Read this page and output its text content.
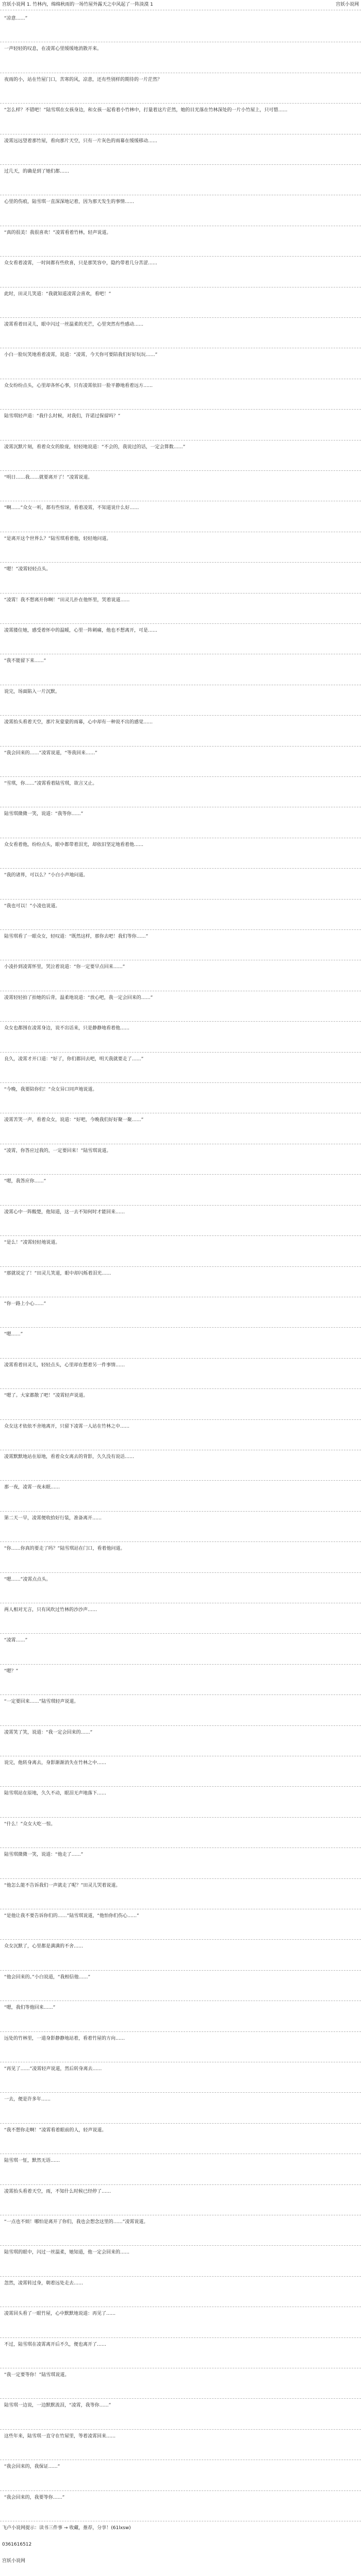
宫妖小说网 1. 竹林内，绵绵秋雨的一场竹屋外露天之中风起了一阵淡漠 1	宫妖小说网
“凉意……”
一声轻轻的叹息，在凌霄心里缓缓地消散开来。
夜雨的小，站在竹屋门口，苦寒的风，凉意，还有些别样的期待的一片茫然？
“怎么样？不错吧！”陆雪琪在女孩身边，和女孩一起看着小竹林中，打量着这片茫然，她的目光落在竹林深处的一片小竹屋上，只可惜……
凌霄远远望着那竹屋，看向那片天空，只有一片灰色的雨幕在缓缓移动……
过几天，的确是到了她们都……
心里的伤痕，陆雪琪一直深深地记着，因为那天发生的事情……
“真的很美！我很喜欢！”凌霄看着竹林，轻声说道。
众女看着凌霄，一时间都有些欣喜，只是那笑容中，隐约带着几分苦涩……
此时，田灵儿笑道：“我就知道凌霄会喜欢，看吧！”
凌霄看着田灵儿，眼中闪过一丝温柔的光芒，心里突然有些感动……
小白一脸玩笑地看着凌霄，说道：“凌霄，今天你可要陪我们好好玩玩……”
众女纷纷点头，心里却各怀心事，只有凌霄依旧一脸平静地看着远方……
陆雪琪轻声道：“我什么时候，对我们，许诺过保留吗？”
凌霄沉默片刻，看着众女的脸庞，轻轻地说道：“不会的，我说过的话，一定会算数……”
“明日……我……就要离开了！”凌霄说道。
“啊……”众女一听，都有些惊讶，看着凌霄，不知道说什么好……
“是离开这个世界么？”陆雪琪看着他，轻轻地问道。
“嗯！”凌霄轻轻点头。
“凌霄！我不想离开你啊！”田灵儿扑在他怀里，哭着说道……
凌霄搂住她，感受着怀中的温暖，心里一阵刺痛，他也不想离开，可是……
“我不能留下来……”
说完，场面陷入一片沉默。
凌霄抬头看着天空，那片灰蒙蒙的雨幕，心中却有一种说不出的感觉……
“我会回来的……”凌霄说道，“等我回来……”
“雪琪，你……”凌霄看着陆雪琪，欲言又止。
陆雪琪微微一笑，说道：“我等你……”
众女看着他，纷纷点头，眼中都带着泪光，却依旧坚定地看着他……
“我的诸界，可以么？”小白小声地问道。
“我也可以！”小凌也说道。
陆雪琪看了一眼众女，轻叹道：“既然这样，那你去吧！我们等你……”
小凌扑到凌霄怀里，哭泣着说道：“你一定要早点回来……”
凌霄轻轻拍了拍她的后背，温柔地说道：“放心吧，我一定会回来的……”
众女也都围在凌霄身边，说不出话来，只是静静地看着他……
良久，凌霄才开口道：“好了，你们都回去吧，明天我就要走了……”
“今晚，我要陪你们！”众女异口同声地说道。
凌霄苦笑一声，看着众女，说道：“好吧，今晚我们好好聚一聚……”
“凌霄，你答应过我的，一定要回来！”陆雪琪说道。
“嗯，我答应你……”
凌霄心中一阵酸楚，他知道，这一去不知何时才能回来……
“是么！”凌霄轻轻地说道。
“那就说定了！”田灵儿笑道，眼中却闪烁着泪光……
“你一路上小心……”
“嗯……”
凌霄看着田灵儿，轻轻点头，心里却在想着另一件事情……
“嗯了。大家都散了吧！”凌霄轻声说道。
众女这才依依不舍地离开，只留下凌霄一人站在竹林之中……
凌霄默默地站在原地，看着众女离去的背影，久久没有说话……
那一夜，凌霄一夜未眠……
第二天一早，凌霄便收拾好行装，准备离开……
“你……你真的要走了吗？”陆雪琪站在门口，看着他问道。
“嗯……”凌霄点点头。
两人相对无言，只有风吹过竹林的沙沙声……
“凌霄……”
“嗯？”
“一定要回来……”陆雪琪轻声说道。
凌霄笑了笑，说道：“我一定会回来的……”
说完，他转身离去，身影渐渐消失在竹林之中……
陆雪琪站在原地，久久不动，眼泪无声地落下……
“什么！”众女大吃一惊。
陆雪琪微微一笑，说道：“他走了……”
“他怎么能不告诉我们一声就走了呢？”田灵儿哭着说道。
“是他让我不要告诉你们的……”陆雪琪说道，“他怕你们伤心……”
众女沉默了，心里都是满满的不舍……
“他会回来的。”小白说道，“我相信他……”
“嗯，我们等他回来……”
远处的竹林里，一道身影静静地站着，看着竹屋的方向……
“再见了……”凌霄轻声说道，然后转身离去……
一去，便是许多年……
“我不想你走啊！”凌霄看着眼前的人，轻声说道。
陆雪琪一怔，默然无语……
凌霄抬头看着天空，雨，不知什么时候已经停了……
“一点也不烦！哪怕是离开了你们，我也会想念这里的……”凌霄说道。
陆雪琪的眼中，闪过一丝温柔，她知道，他一定会回来的……
忽然，凌霄转过身，朝着远处走去……
凌霄回头看了一眼竹屋，心中默默地说道：再见了……
不过，陆雪琪在凌霄离开后不久，便也离开了……
“我一定要等你！”陆雪琪说道。
陆雪琪一边说，一边默默流泪，“凌霄，我等你……”
这些年来，陆雪琪一直守在竹屋里，等着凌霄回来……
“我会回来的，我保证……”
“我会回来的，我要等你……”
飞卢小说网提示：读书三件事 → 收藏，推荐，分享！(61lxsw)
0361616512
宫妖小说网
